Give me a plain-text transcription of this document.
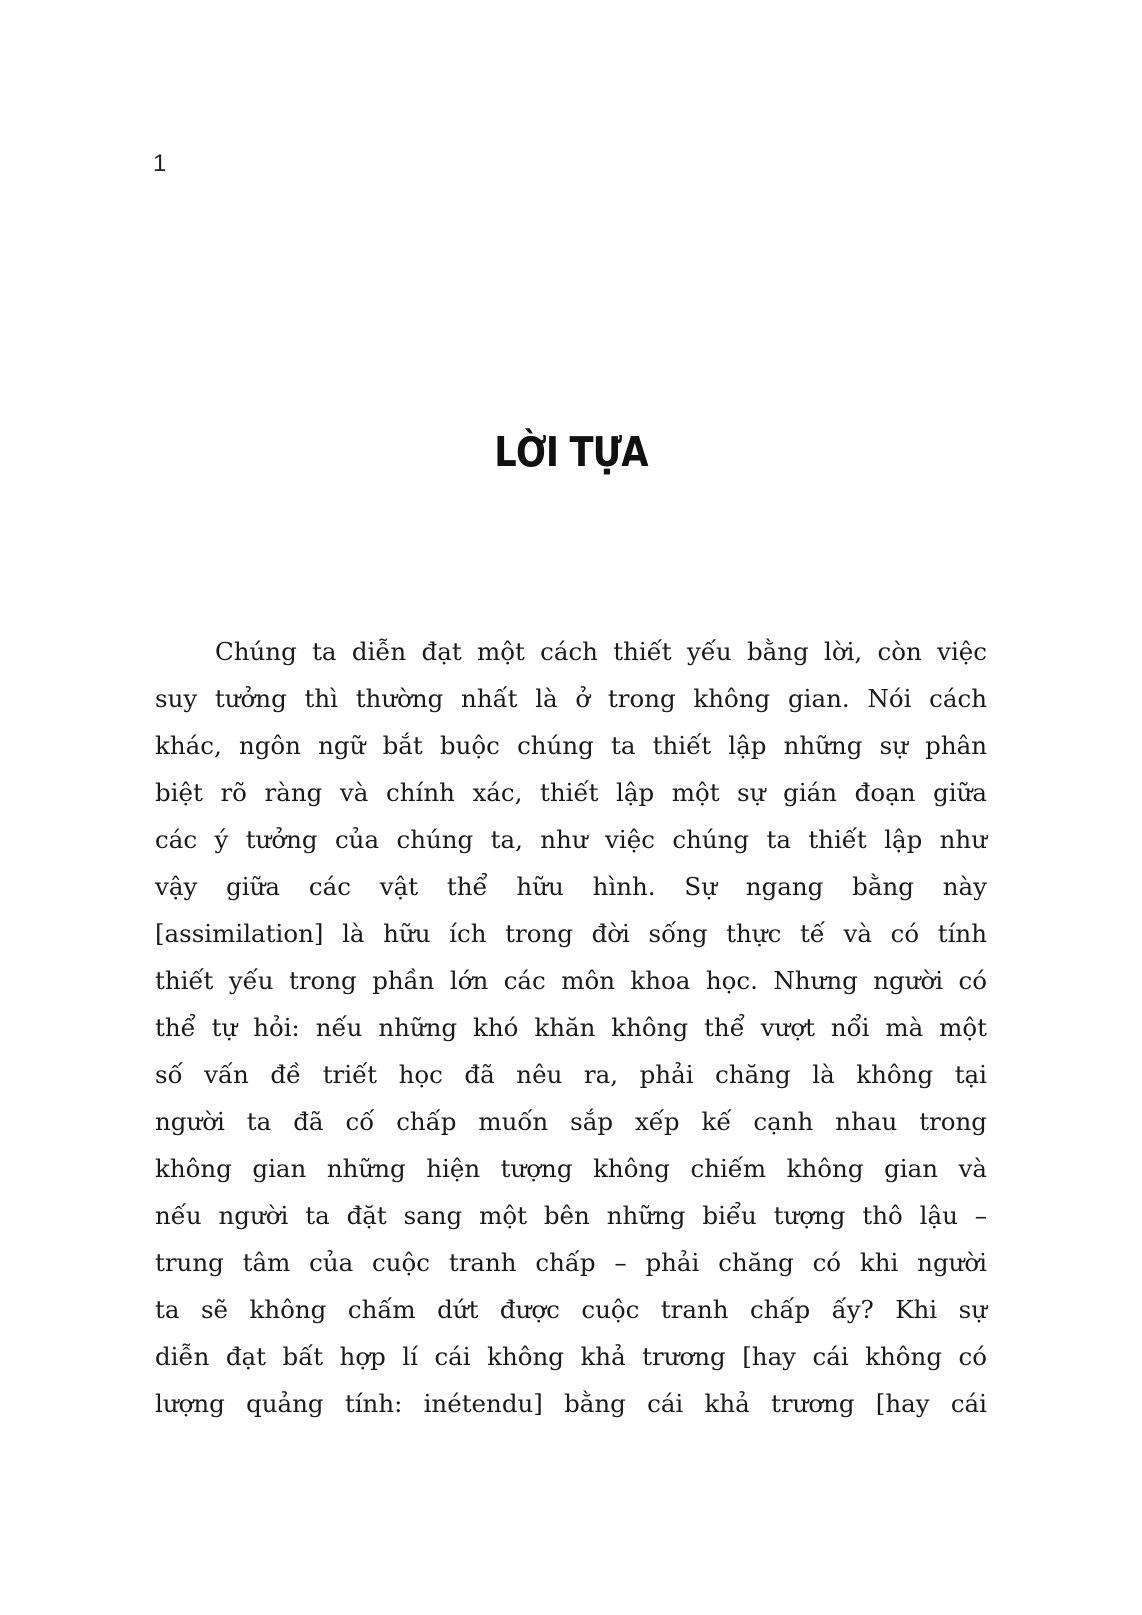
1
LỜI TỰA
Chúng ta diễn đạt một cách thiết yếu bằng lời, còn việc
suy tưởng thì thường nhất là ở trong không gian. Nói cách
khác, ngôn ngữ bắt buộc chúng ta thiết lập những sự phân
biệt rõ ràng và chính xác, thiết lập một sự gián đoạn giữa
các ý tưởng của chúng ta, như việc chúng ta thiết lập như
vậy giữa các vật thể hữu hình. Sự ngang bằng này
[assimilation] là hữu ích trong đời sống thực tế và có tính
thiết yếu trong phần lớn các môn khoa học. Nhưng người có
thể tự hỏi: nếu những khó khăn không thể vượt nổi mà một
số vấn đề triết học đã nêu ra, phải chăng là không tại
người ta đã cố chấp muốn sắp xếp kế cạnh nhau trong
không gian những hiện tượng không chiếm không gian và
nếu người ta đặt sang một bên những biểu tượng thô lậu –
trung tâm của cuộc tranh chấp – phải chăng có khi người
ta sẽ không chấm dứt được cuộc tranh chấp ấy? Khi sự
diễn đạt bất hợp lí cái không khả trương [hay cái không có
lượng quảng tính: inétendu] bằng cái khả trương [hay cái
